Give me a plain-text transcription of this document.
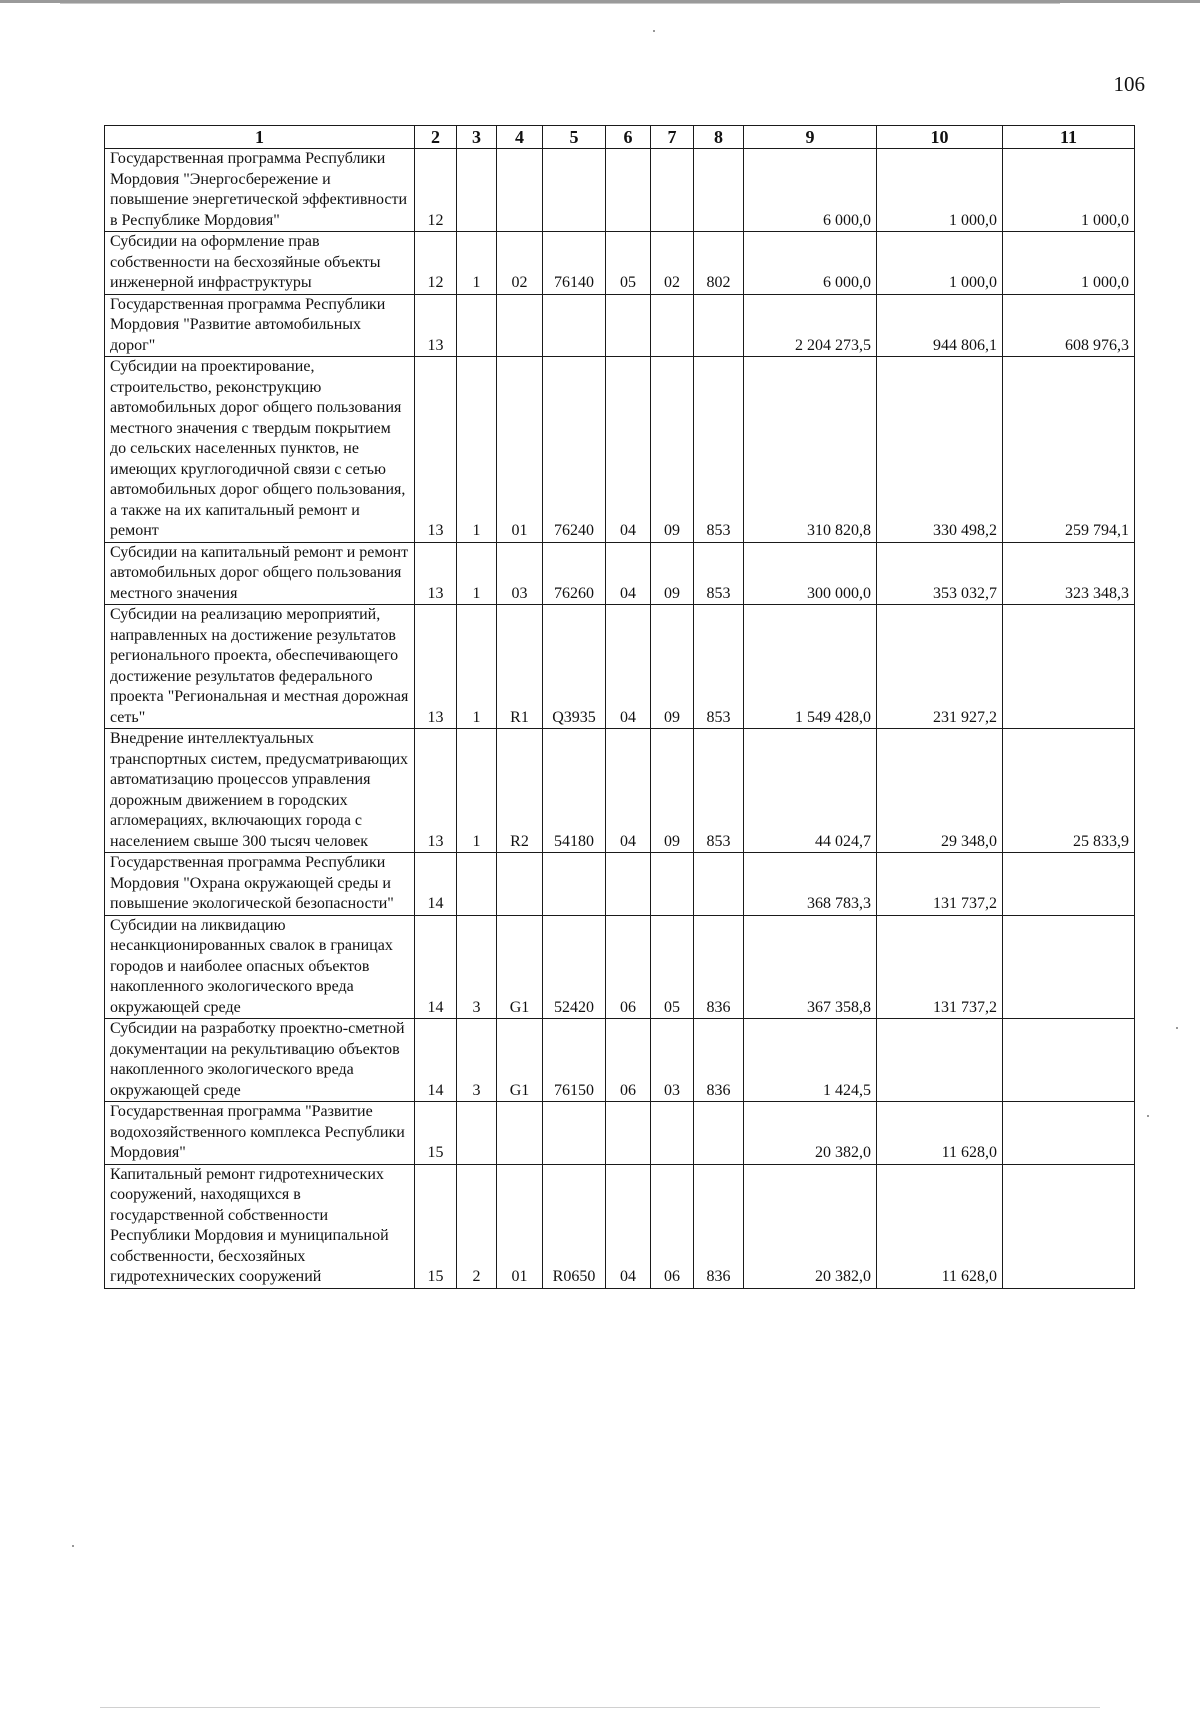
106
1	2	3	4	5	6	7	8	9	10	11
Государственная программа Республики Мордовия "Энергосбережение и повышение энергетической эффективности в Республике Мордовия"	12							6 000,0	1 000,0	1 000,0
Субсидии на оформление прав собственности на бесхозяйные объекты инженерной инфраструктуры	12	1	02	76140	05	02	802	6 000,0	1 000,0	1 000,0
Государственная программа Республики Мордовия "Развитие автомобильных дорог"	13							2 204 273,5	944 806,1	608 976,3
Субсидии на проектирование, строительство, реконструкцию автомобильных дорог общего пользования местного значения с твердым покрытием до сельских населенных пунктов, не имеющих круглогодичной связи с сетью автомобильных дорог общего пользования, а также на их капитальный ремонт и ремонт	13	1	01	76240	04	09	853	310 820,8	330 498,2	259 794,1
Субсидии на капитальный ремонт и ремонт автомобильных дорог общего пользования местного значения	13	1	03	76260	04	09	853	300 000,0	353 032,7	323 348,3
Субсидии на реализацию мероприятий, направленных на достижение результатов регионального проекта, обеспечивающего достижение результатов федерального проекта "Региональная и местная дорожная сеть"	13	1	R1	Q3935	04	09	853	1 549 428,0	231 927,2	
Внедрение интеллектуальных транспортных систем, предусматривающих автоматизацию процессов управления дорожным движением в городских агломерациях, включающих города с населением свыше 300 тысяч человек	13	1	R2	54180	04	09	853	44 024,7	29 348,0	25 833,9
Государственная программа Республики Мордовия "Охрана окружающей среды и повышение экологической безопасности"	14							368 783,3	131 737,2	
Субсидии на ликвидацию несанкционированных свалок в границах городов и наиболее опасных объектов накопленного экологического вреда окружающей среде	14	3	G1	52420	06	05	836	367 358,8	131 737,2	
Субсидии на разработку проектно-сметной документации на рекультивацию объектов накопленного экологического вреда окружающей среде	14	3	G1	76150	06	03	836	1 424,5		
Государственная программа "Развитие водохозяйственного комплекса Республики Мордовия"	15							20 382,0	11 628,0	
Капитальный ремонт гидротехнических сооружений, находящихся в государственной собственности Республики Мордовия и муниципальной собственности, бесхозяйных гидротехнических сооружений	15	2	01	R0650	04	06	836	20 382,0	11 628,0	
